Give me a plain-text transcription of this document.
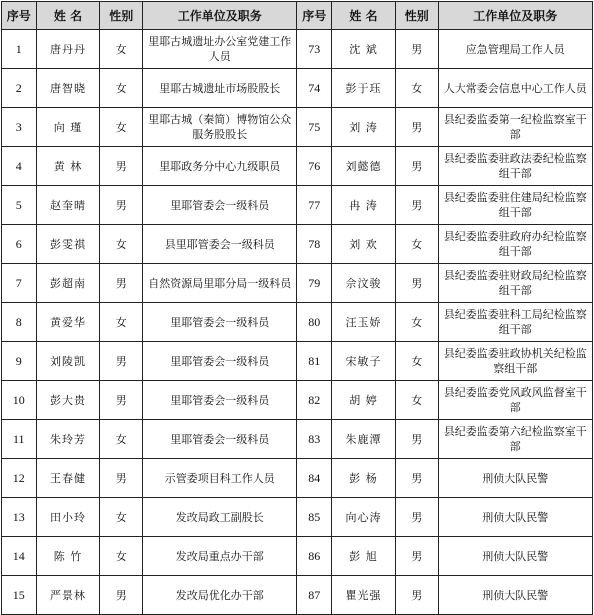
序号	姓 名	性别	工作单位及职务	序号	姓 名	性别	工作单位及职务
1	唐丹丹	女	里耶古城遗址办公室党建工作人员	73	沈 斌	男	应急管理局工作人员
2	唐智晓	女	里耶古城遗址市场股股长	74	彭于珏	女	人大常委会信息中心工作人员
3	向 瑾	女	里耶古城（秦简）博物馆公众服务股股长	75	刘 涛	男	县纪委监委第一纪检监察室干部
4	黄 林	男	里耶政务分中心九级职员	76	刘懿德	男	县纪委监委驻政法委纪检监察组干部
5	赵奎晴	男	里耶管委会一级科员	77	冉 涛	男	县纪委监委驻住建局纪检监察组干部
6	彭雯祺	女	县里耶管委会一级科员	78	刘 欢	女	县纪委监委驻政府办纪检监察组干部
7	彭超南	男	自然资源局里耶分局一级科员	79	佘汶骏	男	县纪委监委驻财政局纪检监察组干部
8	黄爱华	女	里耶管委会一级科员	80	汪玉娇	女	县纪委监委驻科工局纪检监察组干部
9	刘陵凯	男	里耶管委会一级科员	81	宋敏子	女	县纪委监委驻政协机关纪检监察组干部
10	彭大贵	男	里耶管委会一级科员	82	胡 婷	女	县纪委监委党风政风监督室干部
11	朱玲芳	女	里耶管委会一级科员	83	朱鹿潭	男	县纪委监委第六纪检监察室干部
12	王春健	男	示管委项目科工作人员	84	彭 杨	男	刑侦大队民警
13	田小玲	女	发改局政工副股长	85	向心涛	男	刑侦大队民警
14	陈 竹	女	发改局重点办干部	86	彭 旭	男	刑侦大队民警
15	严景林	男	发改局优化办干部	87	瞿光强	男	刑侦大队民警
